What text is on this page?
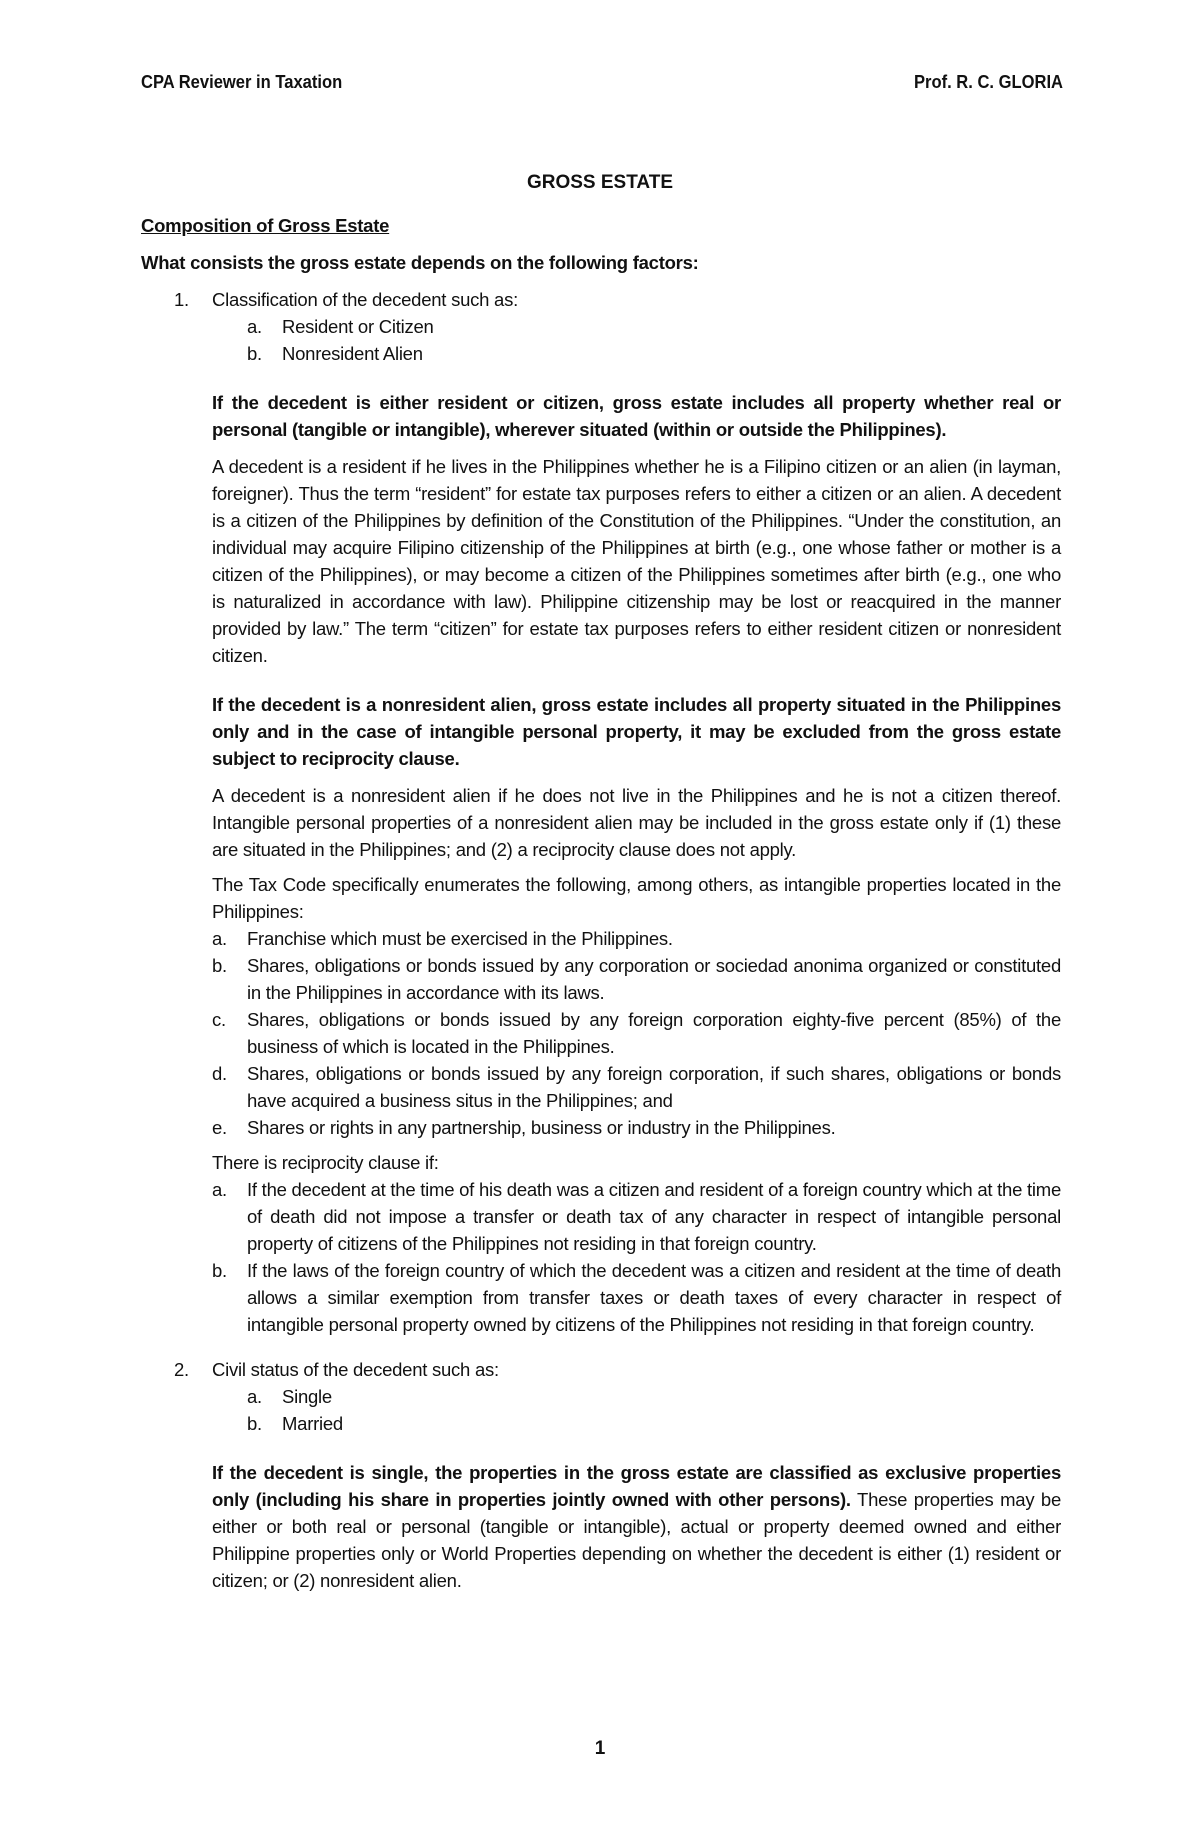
CPA Reviewer in Taxation	Prof. R. C. GLORIA
GROSS ESTATE
Composition of Gross Estate
What consists the gross estate depends on the following factors:
1. Classification of the decedent such as:
a. Resident or Citizen
b. Nonresident Alien
If the decedent is either resident or citizen, gross estate includes all property whether real or personal (tangible or intangible), wherever situated (within or outside the Philippines).
A decedent is a resident if he lives in the Philippines whether he is a Filipino citizen or an alien (in layman, foreigner). Thus the term “resident” for estate tax purposes refers to either a citizen or an alien. A decedent is a citizen of the Philippines by definition of the Constitution of the Philippines. “Under the constitution, an individual may acquire Filipino citizenship of the Philippines at birth (e.g., one whose father or mother is a citizen of the Philippines), or may become a citizen of the Philippines sometimes after birth (e.g., one who is naturalized in accordance with law). Philippine citizenship may be lost or reacquired in the manner provided by law.” The term “citizen” for estate tax purposes refers to either resident citizen or nonresident citizen.
If the decedent is a nonresident alien, gross estate includes all property situated in the Philippines only and in the case of intangible personal property, it may be excluded from the gross estate subject to reciprocity clause.
A decedent is a nonresident alien if he does not live in the Philippines and he is not a citizen thereof. Intangible personal properties of a nonresident alien may be included in the gross estate only if (1) these are situated in the Philippines; and (2) a reciprocity clause does not apply.
The Tax Code specifically enumerates the following, among others, as intangible properties located in the Philippines:
a. Franchise which must be exercised in the Philippines.
b. Shares, obligations or bonds issued by any corporation or sociedad anonima organized or constituted in the Philippines in accordance with its laws.
c. Shares, obligations or bonds issued by any foreign corporation eighty-five percent (85%) of the business of which is located in the Philippines.
d. Shares, obligations or bonds issued by any foreign corporation, if such shares, obligations or bonds have acquired a business situs in the Philippines; and
e. Shares or rights in any partnership, business or industry in the Philippines.
There is reciprocity clause if:
a. If the decedent at the time of his death was a citizen and resident of a foreign country which at the time of death did not impose a transfer or death tax of any character in respect of intangible personal property of citizens of the Philippines not residing in that foreign country.
b. If the laws of the foreign country of which the decedent was a citizen and resident at the time of death allows a similar exemption from transfer taxes or death taxes of every character in respect of intangible personal property owned by citizens of the Philippines not residing in that foreign country.
2. Civil status of the decedent such as:
a. Single
b. Married
If the decedent is single, the properties in the gross estate are classified as exclusive properties only (including his share in properties jointly owned with other persons). These properties may be either or both real or personal (tangible or intangible), actual or property deemed owned and either Philippine properties only or World Properties depending on whether the decedent is either (1) resident or citizen; or (2) nonresident alien.
1
